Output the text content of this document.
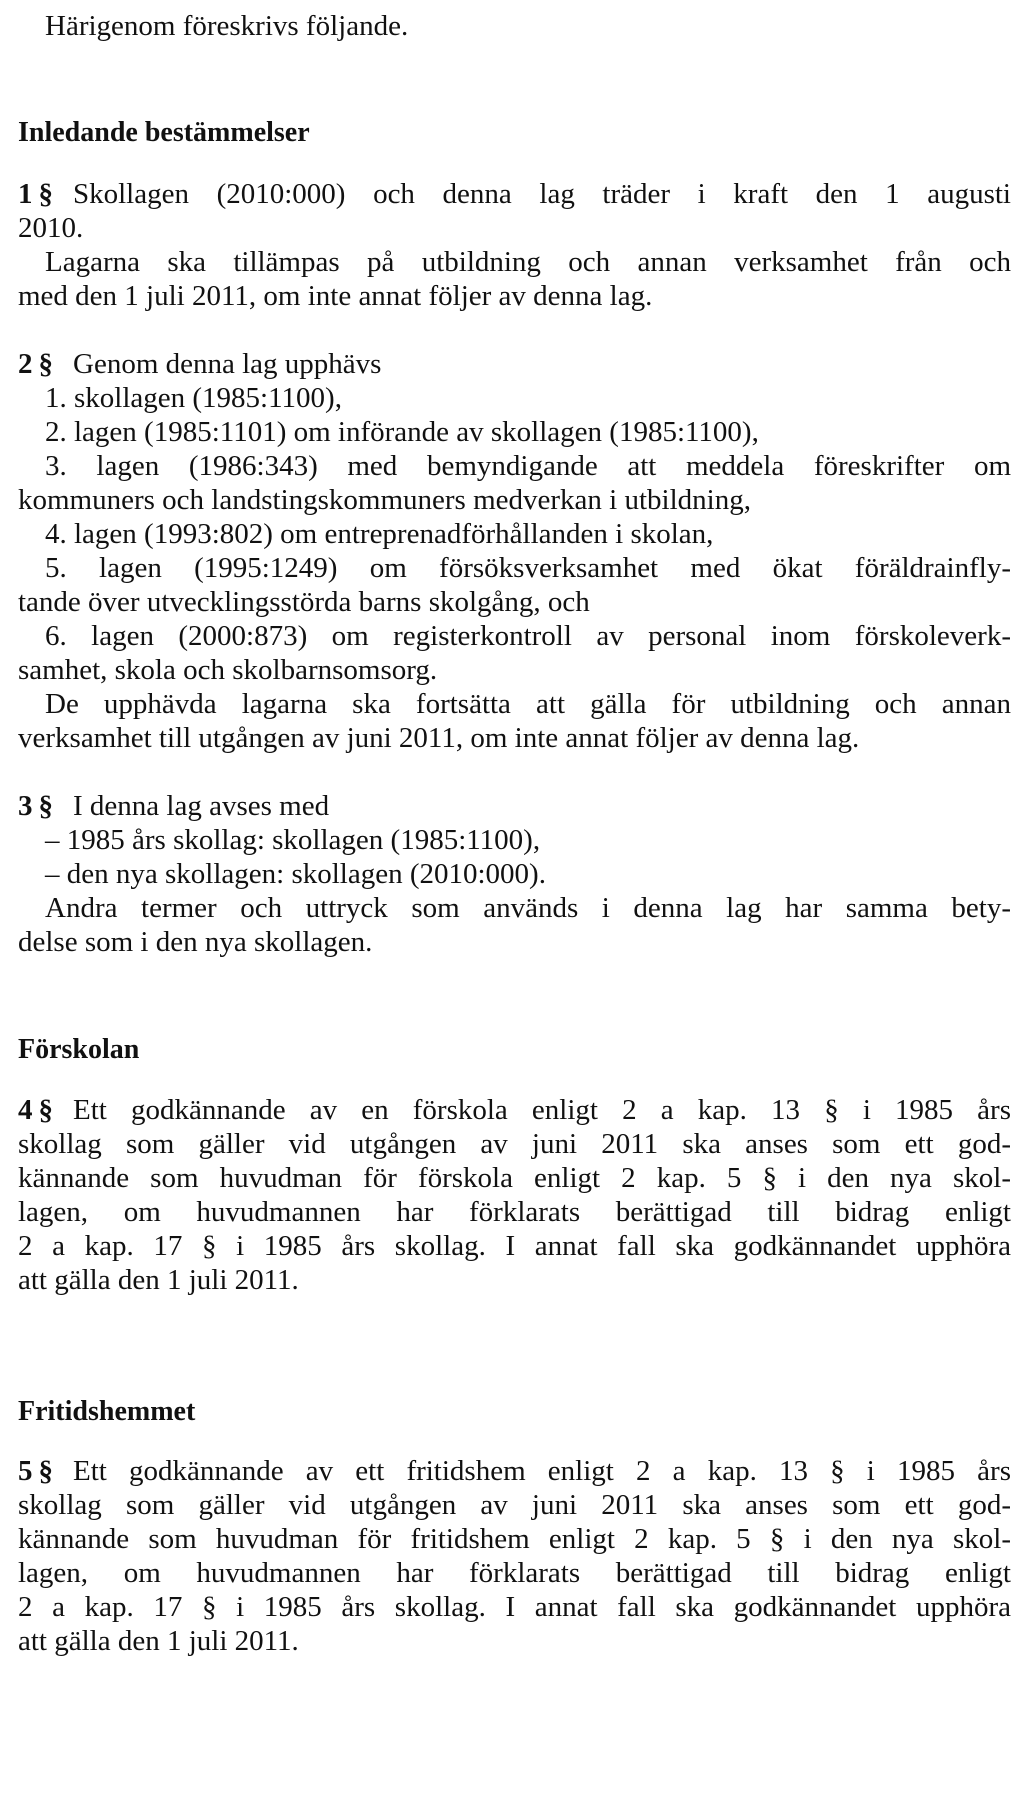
Härigenom föreskrivs följande.
Inledande bestämmelser
1 § Skollagen (2010:000) och denna lag träder i kraft den 1 augusti
2010.
Lagarna ska tillämpas på utbildning och annan verksamhet från och
med den 1 juli 2011, om inte annat följer av denna lag.
2 § Genom denna lag upphävs
1. skollagen (1985:1100),
2. lagen (1985:1101) om införande av skollagen (1985:1100),
3. lagen (1986:343) med bemyndigande att meddela föreskrifter om
kommuners och landstingskommuners medverkan i utbildning,
4. lagen (1993:802) om entreprenadförhållanden i skolan,
5. lagen (1995:1249) om försöksverksamhet med ökat föräldrainfly-
tande över utvecklingsstörda barns skolgång, och
6. lagen (2000:873) om registerkontroll av personal inom förskoleverk-
samhet, skola och skolbarnsomsorg.
De upphävda lagarna ska fortsätta att gälla för utbildning och annan
verksamhet till utgången av juni 2011, om inte annat följer av denna lag.
3 § I denna lag avses med
– 1985 års skollag: skollagen (1985:1100),
– den nya skollagen: skollagen (2010:000).
Andra termer och uttryck som används i denna lag har samma bety-
delse som i den nya skollagen.
Förskolan
4 § Ett godkännande av en förskola enligt 2 a kap. 13 § i 1985 års
skollag som gäller vid utgången av juni 2011 ska anses som ett god-
kännande som huvudman för förskola enligt 2 kap. 5 § i den nya skol-
lagen, om huvudmannen har förklarats berättigad till bidrag enligt
2 a kap. 17 § i 1985 års skollag. I annat fall ska godkännandet upphöra
att gälla den 1 juli 2011.
Fritidshemmet
5 § Ett godkännande av ett fritidshem enligt 2 a kap. 13 § i 1985 års
skollag som gäller vid utgången av juni 2011 ska anses som ett god-
kännande som huvudman för fritidshem enligt 2 kap. 5 § i den nya skol-
lagen, om huvudmannen har förklarats berättigad till bidrag enligt
2 a kap. 17 § i 1985 års skollag. I annat fall ska godkännandet upphöra
att gälla den 1 juli 2011.
